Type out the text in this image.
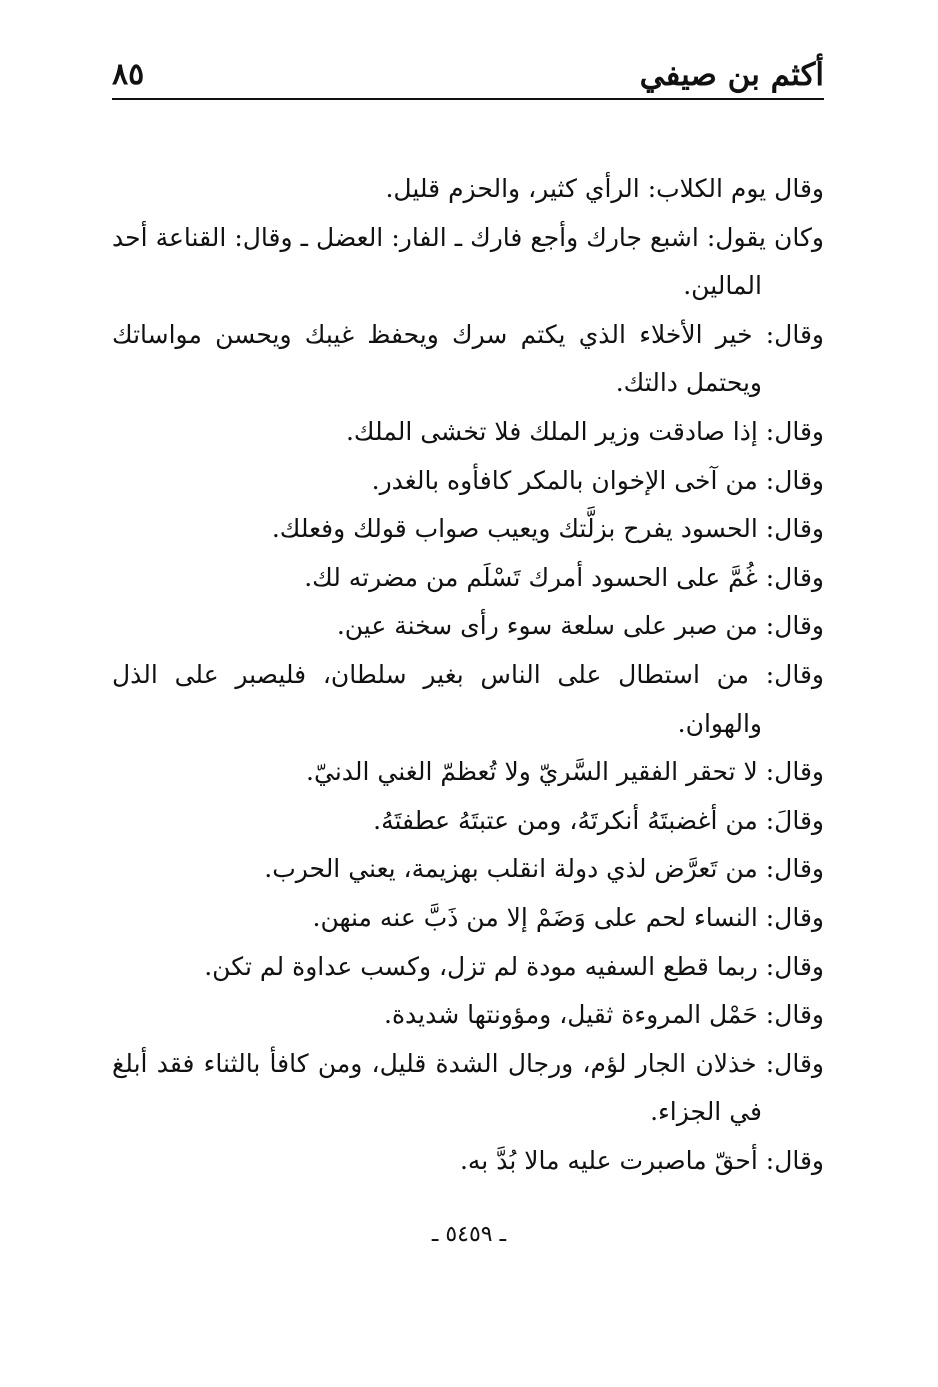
أكثم بن صيفي
٨٥

وقال يوم الكلاب: الرأي كثير، والحزم قليل.

وكان يقول: اشبع جارك وأجع فارك ـ الفار: العضل ـ وقال: القناعة أحد المالين.

وقال: خير الأخلاء الذي يكتم سرك ويحفظ غيبك ويحسن مواساتك ويحتمل دالتك.

وقال: إذا صادقت وزير الملك فلا تخشى الملك.

وقال: من آخى الإخوان بالمكر كافأوه بالغدر.

وقال: الحسود يفرح بزلَّتك ويعيب صواب قولك وفعلك.

وقال: غُمَّ على الحسود أمرك تَسْلَم من مضرته لك.

وقال: من صبر على سلعة سوء رأى سخنة عين.

وقال: من استطال على الناس بغير سلطان، فليصبر على الذل والهوان.

وقال: لا تحقر الفقير السَّريّ ولا تُعظمّ الغني الدنيّ.

وقالَ: من أغضبتَهُ أنكرتَهُ، ومن عتبتَهُ عطفتَهُ.

وقال: من تَعرَّض لذي دولة انقلب بهزيمة، يعني الحرب.

وقال: النساء لحم على وَضَمْ إلا من ذَبَّ عنه منهن.

وقال: ربما قطع السفيه مودة لم تزل، وكسب عداوة لم تكن.

وقال: حَمْل المروءة ثقيل، ومؤونتها شديدة.

وقال: خذلان الجار لؤم، ورجال الشدة قليل، ومن كافأ بالثناء فقد أبلغ في الجزاء.

وقال: أحقّ ماصبرت عليه مالا بُدَّ به.

ـ ٥٤٥٩ ـ
